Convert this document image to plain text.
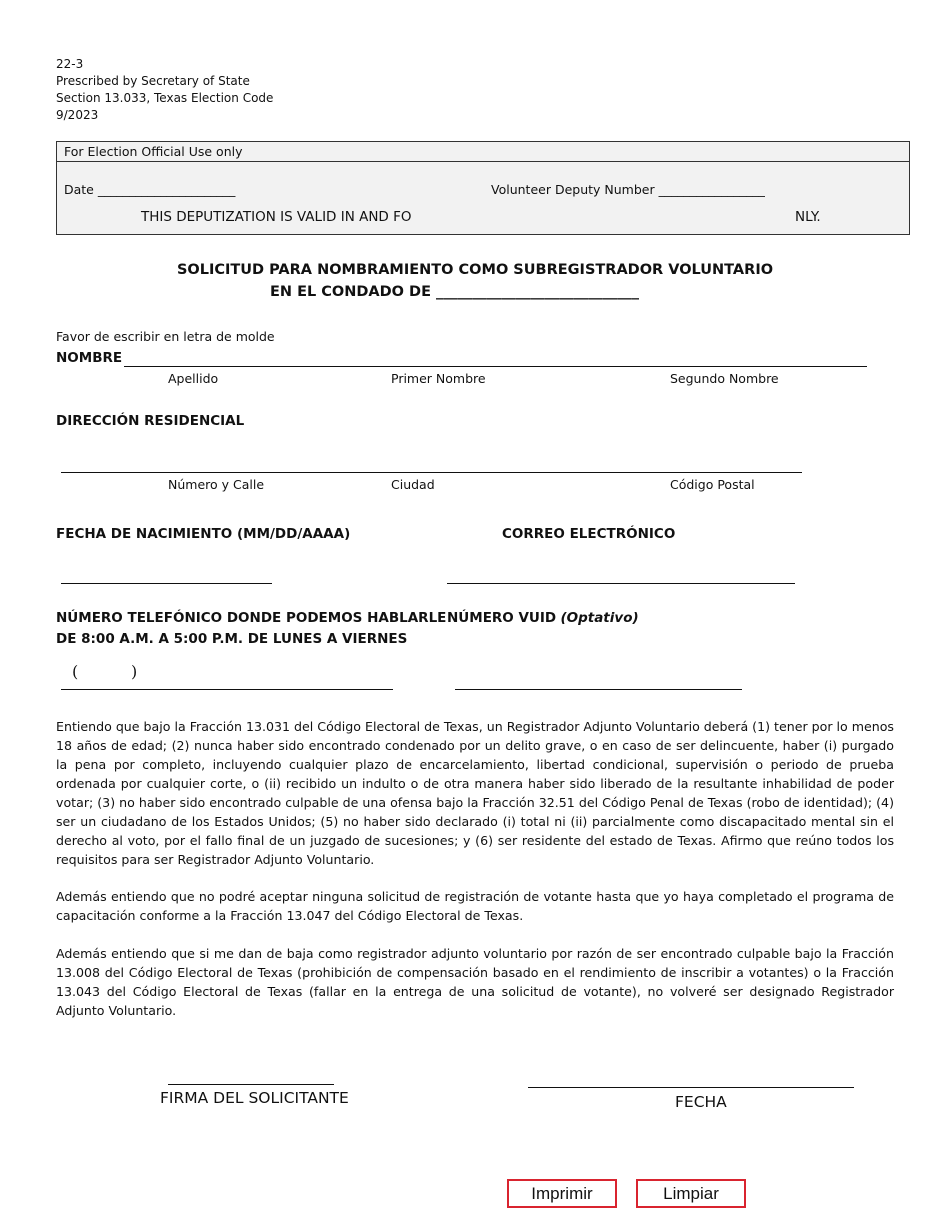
22-3
Prescribed by Secretary of State
Section 13.033, Texas Election Code
9/2023
For Election Official Use only
Date ______________________	Volunteer Deputy Number _________________
THIS DEPUTIZATION IS VALID IN AND FO	NLY.
SOLICITUD PARA NOMBRAMIENTO COMO SUBREGISTRADOR VOLUNTARIO
EN EL CONDADO DE ____________________________
Favor de escribir en letra de molde
NOMBRE
Apellido	Primer Nombre	Segundo Nombre
DIRECCIÓN RESIDENCIAL
Número y Calle	Ciudad	Código Postal
FECHA DE NACIMIENTO (MM/DD/AAAA)	CORREO ELECTRÓNICO
NÚMERO TELEFÓNICO DONDE PODEMOS HABLARLE
DE 8:00 A.M. A 5:00 P.M. DE LUNES A VIERNES
NÚMERO VUID (Optativo)
(	)
Entiendo que bajo la Fracción 13.031 del Código Electoral de Texas, un Registrador Adjunto Voluntario deberá (1) tener por lo menos 18 años de edad; (2) nunca haber sido encontrado condenado por un delito grave, o en caso de ser delincuente, haber (i) purgado la pena por completo, incluyendo cualquier plazo de encarcelamiento, libertad condicional, supervisión o periodo de prueba ordenada por cualquier corte, o (ii) recibido un indulto o de otra manera haber sido liberado de la resultante inhabilidad de poder votar; (3) no haber sido encontrado culpable de una ofensa bajo la Fracción 32.51 del Código Penal de Texas (robo de identidad); (4) ser un ciudadano de los Estados Unidos; (5) no haber sido declarado (i) total ni (ii) parcialmente como discapacitado mental sin el derecho al voto, por el fallo final de un juzgado de sucesiones; y (6) ser residente del estado de Texas. Afirmo que reúno todos los requisitos para ser Registrador Adjunto Voluntario.
Además entiendo que no podré aceptar ninguna solicitud de registración de votante hasta que yo haya completado el programa de capacitación conforme a la Fracción 13.047 del Código Electoral de Texas.
Además entiendo que si me dan de baja como registrador adjunto voluntario por razón de ser encontrado culpable bajo la Fracción 13.008 del Código Electoral de Texas (prohibición de compensación basado en el rendimiento de inscribir a votantes) o la Fracción 13.043 del Código Electoral de Texas (fallar en la entrega de una solicitud de votante), no volveré ser designado Registrador Adjunto Voluntario.
FIRMA DEL SOLICITANTE	FECHA
Imprimir	Limpiar
